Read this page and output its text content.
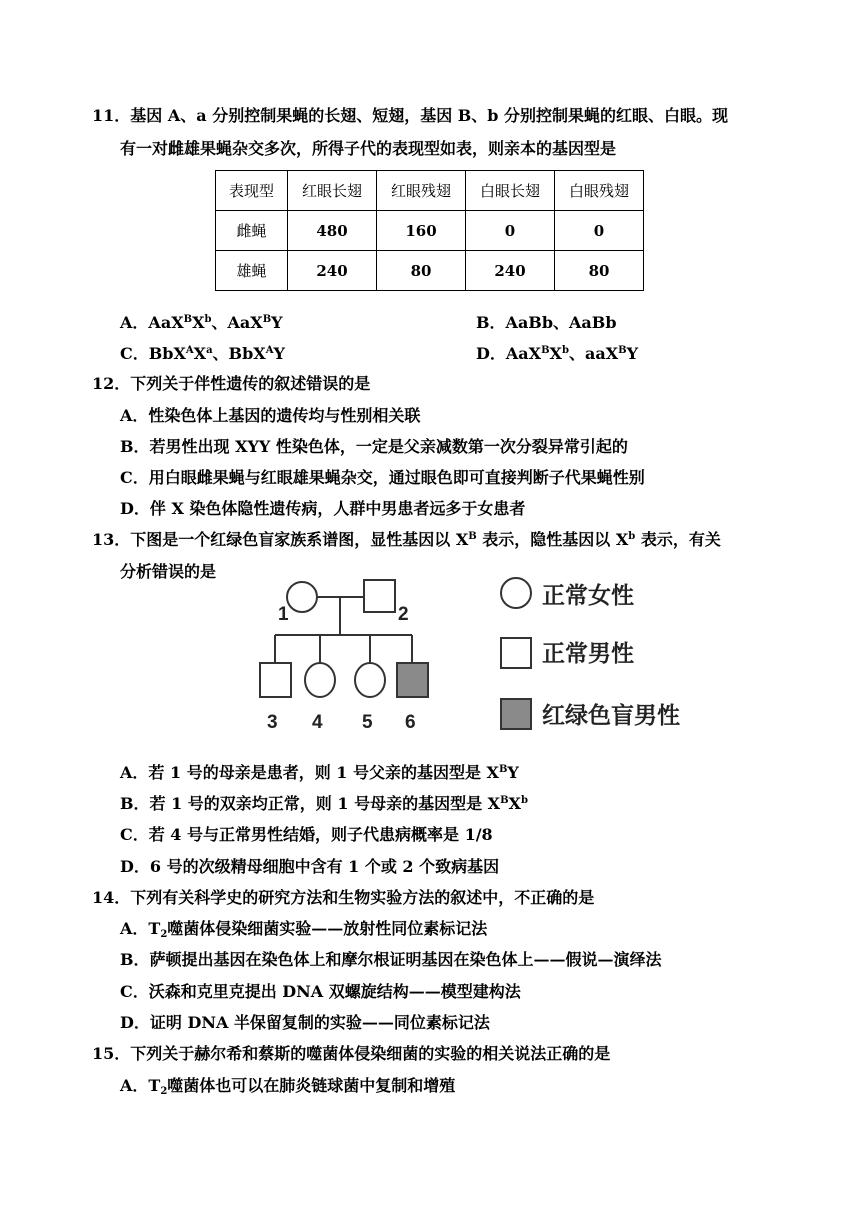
11．基因 A、a 分别控制果蝇的长翅、短翅，基因 B、b 分别控制果蝇的红眼、白眼。现
有一对雌雄果蝇杂交多次，所得子代的表现型如表，则亲本的基因型是
表现型	红眼长翅	红眼残翅	白眼长翅	白眼残翅
雌蝇	480	160	0	0
雄蝇	240	80	240	80
A．$AaX^BX^b$、AaX$^B$Y	B．AaBb、AaBb
C．$BbX^AX^a$、BbX$^A$Y	D．$AaX^BX^b$、aaX$^B$Y
12．下列关于伴性遗传的叙述错误的是
A．性染色体上基因的遗传均与性别相关联
B．若男性出现 XYY 性染色体，一定是父亲减数第一次分裂异常引起的
C．用白眼雌果蝇与红眼雄果蝇杂交，通过眼色即可直接判断子代果蝇性别
D．伴 X 染色体隐性遗传病，人群中男患者远多于女患者
13．下图是一个红绿色盲家族系谱图，显性基因以 $X^B$ 表示，隐性基因以 $X^b$ 表示，有关
分析错误的是
1	2
3 4 5 6
正常女性
正常男性
红绿色盲男性
A．若 1 号的母亲是患者，则 1 号父亲的基因型是 $X^BY$
B．若 1 号的双亲均正常，则 1 号母亲的基因型是 $X^BX^b$
C．若 4 号与正常男性结婚，则子代患病概率是 1/8
D．6 号的次级精母细胞中含有 1 个或 2 个致病基因
14．下列有关科学史的研究方法和生物实验方法的叙述中，不正确的是
A．$T_2$噬菌体侵染细菌实验——放射性同位素标记法
B．萨顿提出基因在染色体上和摩尔根证明基因在染色体上——假说—演绎法
C．沃森和克里克提出 DNA 双螺旋结构——模型建构法
D．证明 DNA 半保留复制的实验——同位素标记法
15．下列关于赫尔希和蔡斯的噬菌体侵染细菌的实验的相关说法正确的是
A．$T_2$噬菌体也可以在肺炎链球菌中复制和增殖
